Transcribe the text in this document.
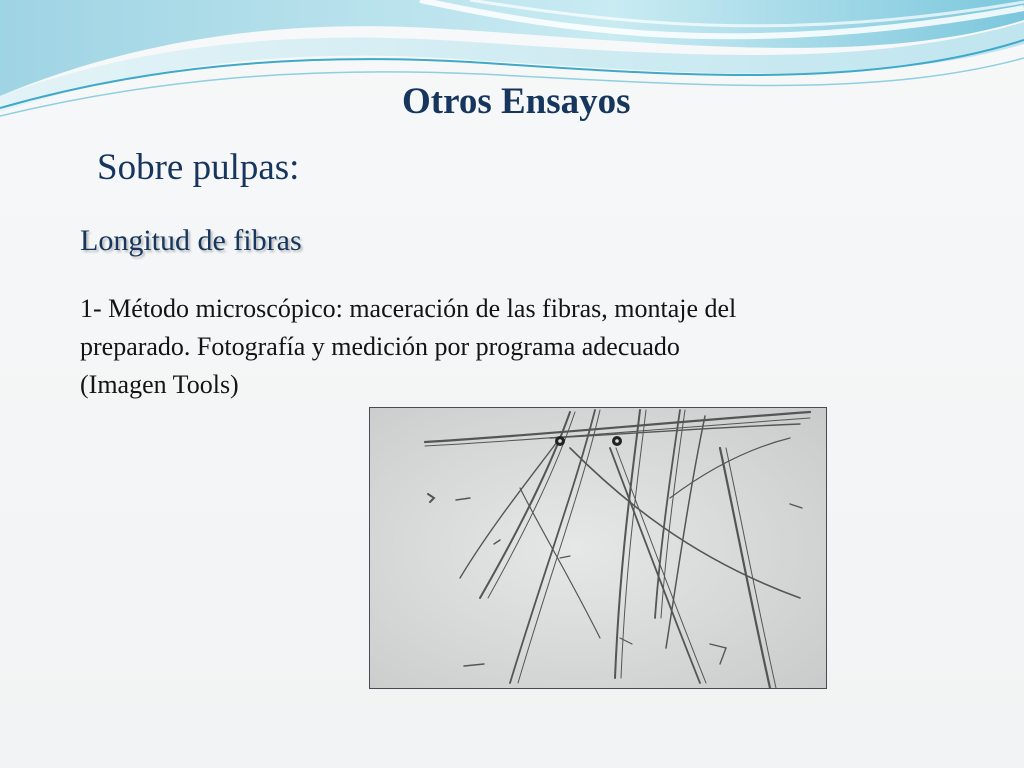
Otros Ensayos
Sobre pulpas:
Longitud de fibras
1- Método microscópico: maceración de las fibras, montaje del
preparado. Fotografía y medición por programa adecuado
(Imagen Tools)
